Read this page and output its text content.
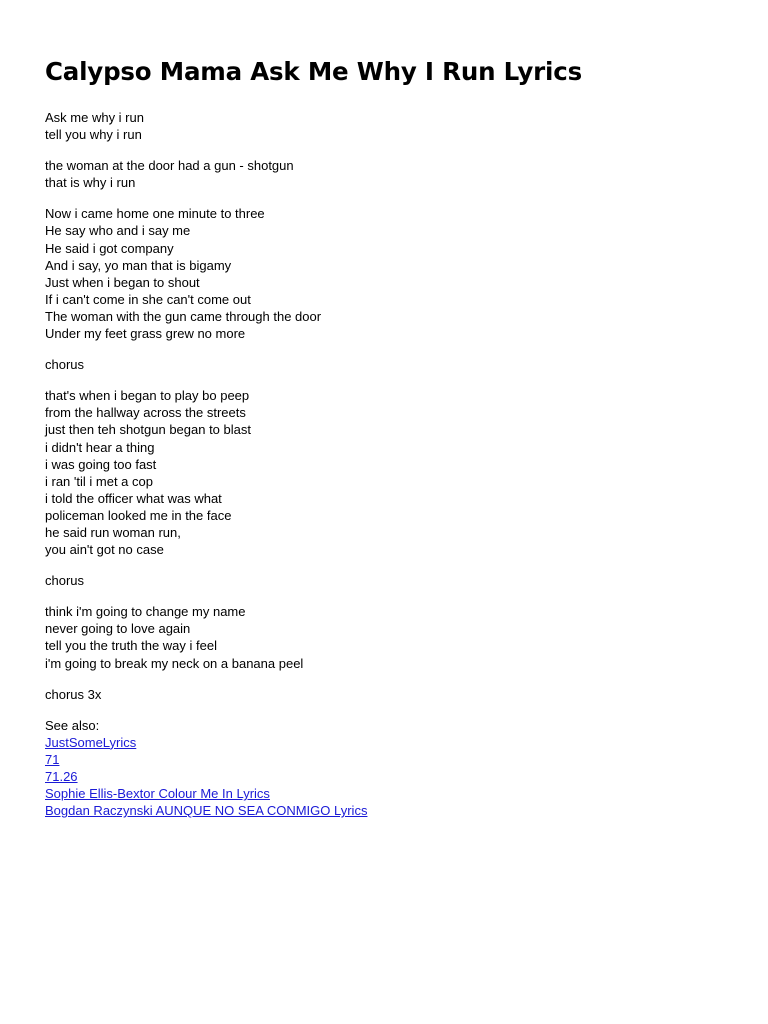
Calypso Mama Ask Me Why I Run Lyrics
Ask me why i run
tell you why i run
the woman at the door had a gun - shotgun
that is why i run
Now i came home one minute to three
He say who and i say me
He said i got company
And i say, yo man that is bigamy
Just when i began to shout
If i can't come in she can't come out
The woman with the gun came through the door
Under my feet grass grew no more
chorus
that's when i began to play bo peep
from the hallway across the streets
just then teh shotgun began to blast
i didn't hear a thing
i was going too fast
i ran 'til i met a cop
i told the officer what was what
policeman looked me in the face
he said run woman run,
you ain't got no case
chorus
think i'm going to change my name
never going to love again
tell you the truth the way i feel
i'm going to break my neck on a banana peel
chorus 3x
See also:
JustSomeLyrics
71
71.26
Sophie Ellis-Bextor Colour Me In Lyrics
Bogdan Raczynski AUNQUE NO SEA CONMIGO Lyrics
